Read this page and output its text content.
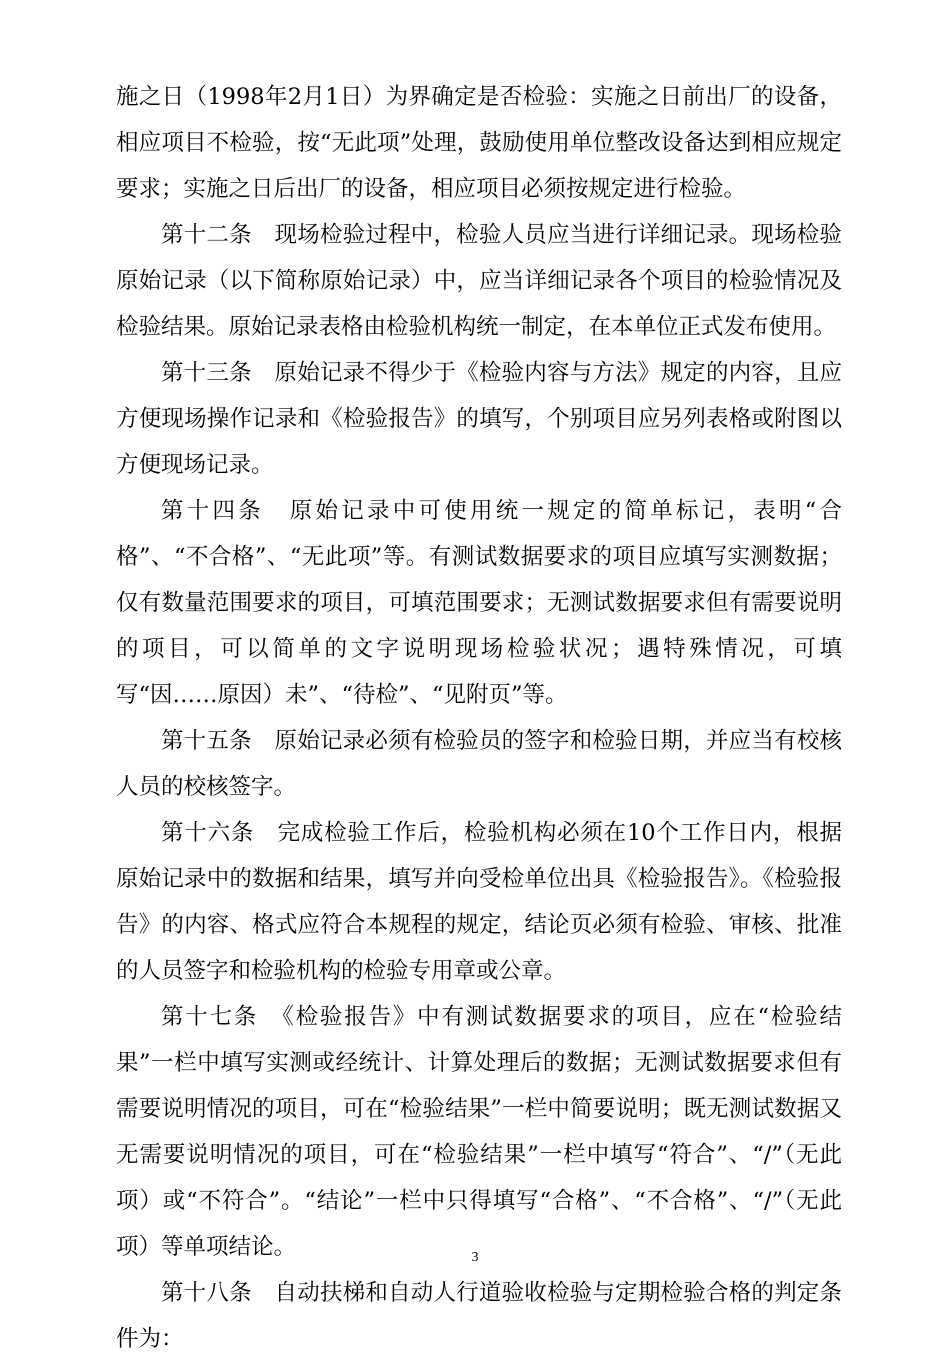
施之日（1998年2月1日）为界确定是否检验：实施之日前出厂的设备，相应项目不检验，按“无此项”处理，鼓励使用单位整改设备达到相应规定要求；实施之日后出厂的设备，相应项目必须按规定进行检验。

第十二条　现场检验过程中，检验人员应当进行详细记录。现场检验原始记录（以下简称原始记录）中，应当详细记录各个项目的检验情况及检验结果。原始记录表格由检验机构统一制定，在本单位正式发布使用。

第十三条　原始记录不得少于《检验内容与方法》规定的内容，且应方便现场操作记录和《检验报告》的填写，个别项目应另列表格或附图以方便现场记录。

第十四条　原始记录中可使用统一规定的简单标记，表明“合格”、“不合格”、“无此项”等。有测试数据要求的项目应填写实测数据；仅有数量范围要求的项目，可填范围要求；无测试数据要求但有需要说明的项目，可以简单的文字说明现场检验状况；遇特殊情况，可填写“因……原因）未”、“待检”、“见附页”等。

第十五条　原始记录必须有检验员的签字和检验日期，并应当有校核人员的校核签字。

第十六条　完成检验工作后，检验机构必须在10个工作日内，根据原始记录中的数据和结果，填写并向受检单位出具《检验报告》。《检验报告》的内容、格式应符合本规程的规定，结论页必须有检验、审核、批准的人员签字和检验机构的检验专用章或公章。

第十七条　《检验报告》中有测试数据要求的项目，应在“检验结果”一栏中填写实测或经统计、计算处理后的数据；无测试数据要求但有需要说明情况的项目，可在“检验结果”一栏中简要说明；既无测试数据又无需要说明情况的项目，可在“检验结果”一栏中填写“符合”、“/”（无此项）或“不符合”。“结论”一栏中只得填写“合格”、“不合格”、“/”（无此项）等单项结论。

第十八条　自动扶梯和自动人行道验收检验与定期检验合格的判定条件为：

3
